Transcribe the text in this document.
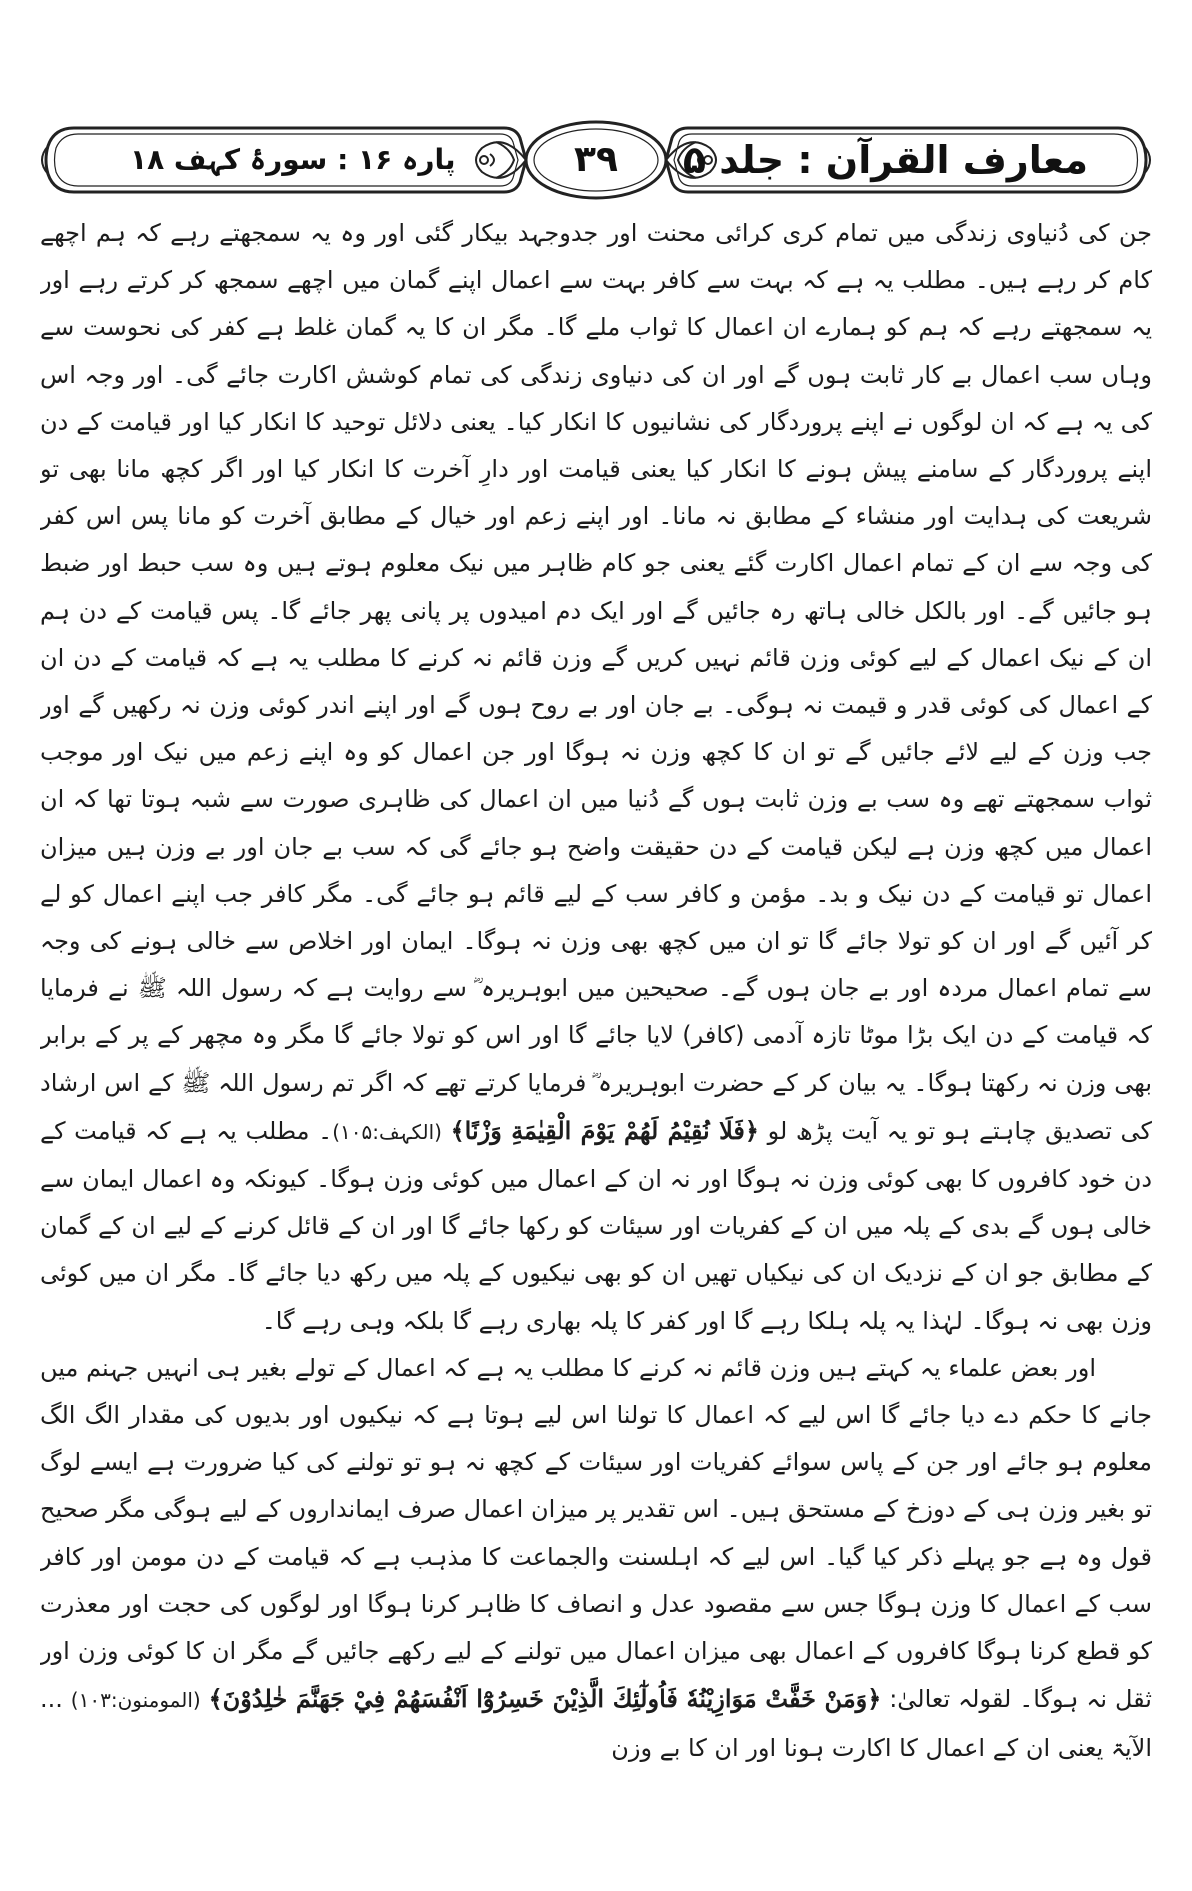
معارف القرآن : جلد ۵
۳۹
پارہ ۱۶ : سورۂ کہف ۱۸

جن کی دُنیاوی زندگی میں تمام کری کرائی محنت اور جدوجہد بیکار گئی اور وہ یہ سمجھتے رہے کہ ہم اچھے کام کر رہے ہیں۔ مطلب یہ ہے کہ بہت سے کافر بہت سے اعمال اپنے گمان میں اچھے سمجھ کر کرتے رہے اور یہ سمجھتے رہے کہ ہم کو ہمارے ان اعمال کا ثواب ملے گا۔ مگر ان کا یہ گمان غلط ہے کفر کی نحوست سے وہاں سب اعمال بے کار ثابت ہوں گے اور ان کی دنیاوی زندگی کی تمام کوشش اکارت جائے گی۔ اور وجہ اس کی یہ ہے کہ ان لوگوں نے اپنے پروردگار کی نشانیوں کا انکار کیا۔ یعنی دلائل توحید کا انکار کیا اور قیامت کے دن اپنے پروردگار کے سامنے پیش ہونے کا انکار کیا یعنی قیامت اور دارِ آخرت کا انکار کیا اور اگر کچھ مانا بھی تو شریعت کی ہدایت اور منشاء کے مطابق نہ مانا۔ اور اپنے زعم اور خیال کے مطابق آخرت کو مانا پس اس کفر کی وجہ سے ان کے تمام اعمال اکارت گئے یعنی جو کام ظاہر میں نیک معلوم ہوتے ہیں وہ سب حبط اور ضبط ہو جائیں گے۔ اور بالکل خالی ہاتھ رہ جائیں گے اور ایک دم امیدوں پر پانی پھر جائے گا۔ پس قیامت کے دن ہم ان کے نیک اعمال کے لیے کوئی وزن قائم نہیں کریں گے وزن قائم نہ کرنے کا مطلب یہ ہے کہ قیامت کے دن ان کے اعمال کی کوئی قدر و قیمت نہ ہوگی۔ بے جان اور بے روح ہوں گے اور اپنے اندر کوئی وزن نہ رکھیں گے اور جب وزن کے لیے لائے جائیں گے تو ان کا کچھ وزن نہ ہوگا اور جن اعمال کو وہ اپنے زعم میں نیک اور موجب ثواب سمجھتے تھے وہ سب بے وزن ثابت ہوں گے دُنیا میں ان اعمال کی ظاہری صورت سے شبہ ہوتا تھا کہ ان اعمال میں کچھ وزن ہے لیکن قیامت کے دن حقیقت واضح ہو جائے گی کہ سب بے جان اور بے وزن ہیں میزان اعمال تو قیامت کے دن نیک و بد۔ مؤمن و کافر سب کے لیے قائم ہو جائے گی۔ مگر کافر جب اپنے اعمال کو لے کر آئیں گے اور ان کو تولا جائے گا تو ان میں کچھ بھی وزن نہ ہوگا۔ ایمان اور اخلاص سے خالی ہونے کی وجہ سے تمام اعمال مردہ اور بے جان ہوں گے۔ صحیحین میں ابوہریرہ ؓ سے روایت ہے کہ رسول اللہ ﷺ نے فرمایا کہ قیامت کے دن ایک بڑا موٹا تازہ آدمی (کافر) لایا جائے گا اور اس کو تولا جائے گا مگر وہ مچھر کے پر کے برابر بھی وزن نہ رکھتا ہوگا۔ یہ بیان کر کے حضرت ابوہریرہ ؓ فرمایا کرتے تھے کہ اگر تم رسول اللہ ﷺ کے اس ارشاد کی تصدیق چاہتے ہو تو یہ آیت پڑھ لو ﴿فَلَا نُقِيْمُ لَهُمْ يَوْمَ الْقِيٰمَةِ وَزْنًا﴾ (الکہف:۱۰۵)۔ مطلب یہ ہے کہ قیامت کے دن خود کافروں کا بھی کوئی وزن نہ ہوگا اور نہ ان کے اعمال میں کوئی وزن ہوگا۔ کیونکہ وہ اعمال ایمان سے خالی ہوں گے بدی کے پلہ میں ان کے کفریات اور سیئات کو رکھا جائے گا اور ان کے قائل کرنے کے لیے ان کے گمان کے مطابق جو ان کے نزدیک ان کی نیکیاں تھیں ان کو بھی نیکیوں کے پلہ میں رکھ دیا جائے گا۔ مگر ان میں کوئی وزن بھی نہ ہوگا۔ لہٰذا یہ پلہ ہلکا رہے گا اور کفر کا پلہ بھاری رہے گا بلکہ وہی رہے گا۔

اور بعض علماء یہ کہتے ہیں وزن قائم نہ کرنے کا مطلب یہ ہے کہ اعمال کے تولے بغیر ہی انہیں جہنم میں جانے کا حکم دے دیا جائے گا اس لیے کہ اعمال کا تولنا اس لیے ہوتا ہے کہ نیکیوں اور بدیوں کی مقدار الگ الگ معلوم ہو جائے اور جن کے پاس سوائے کفریات اور سیئات کے کچھ نہ ہو تو تولنے کی کیا ضرورت ہے ایسے لوگ تو بغیر وزن ہی کے دوزخ کے مستحق ہیں۔ اس تقدیر پر میزان اعمال صرف ایمانداروں کے لیے ہوگی مگر صحیح قول وہ ہے جو پہلے ذکر کیا گیا۔ اس لیے کہ اہلسنت والجماعت کا مذہب ہے کہ قیامت کے دن مومن اور کافر سب کے اعمال کا وزن ہوگا جس سے مقصود عدل و انصاف کا ظاہر کرنا ہوگا اور لوگوں کی حجت اور معذرت کو قطع کرنا ہوگا کافروں کے اعمال بھی میزان اعمال میں تولنے کے لیے رکھے جائیں گے مگر ان کا کوئی وزن اور ثقل نہ ہوگا۔ لقولہ تعالیٰ: ﴿وَمَنْ خَفَّتْ مَوَازِيْنُهٗ فَاُولٰٓئِكَ الَّذِيْنَ خَسِرُوْٓا اَنْفُسَهُمْ فِيْ جَهَنَّمَ خٰلِدُوْنَ﴾ (المومنون:۱۰۳) ... الآیۃ یعنی ان کے اعمال کا اکارت ہونا اور ان کا بے وزن
